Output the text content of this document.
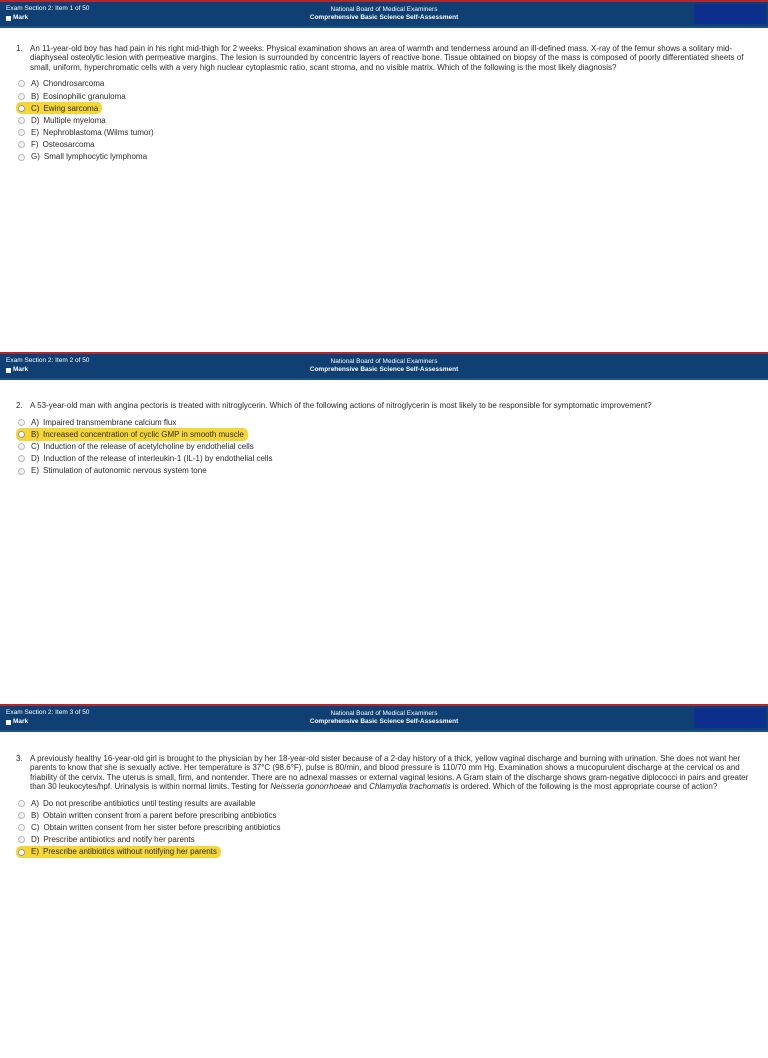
Exam Section 2: Item 1 of 50
Mark
National Board of Medical Examiners
Comprehensive Basic Science Self-Assessment
1. An 11-year-old boy has had pain in his right mid-thigh for 2 weeks. Physical examination shows an area of warmth and tenderness around an ill-defined mass. X-ray of the femur shows a solitary mid-diaphyseal osteolytic lesion with permeative margins. The lesion is surrounded by concentric layers of reactive bone. Tissue obtained on biopsy of the mass is composed of poorly differentiated sheets of small, uniform, hyperchromatic cells with a very high nuclear cytoplasmic ratio, scant stroma, and no visible matrix. Which of the following is the most likely diagnosis?
A) Chondrosarcoma
B) Eosinophilic granuloma
C) Ewing sarcoma
D) Multiple myeloma
E) Nephroblastoma (Wilms tumor)
F) Osteosarcoma
G) Small lymphocytic lymphoma
Exam Section 2: Item 2 of 50
Mark
National Board of Medical Examiners
Comprehensive Basic Science Self-Assessment
2. A 53-year-old man with angina pectoris is treated with nitroglycerin. Which of the following actions of nitroglycerin is most likely to be responsible for symptomatic improvement?
A) Impaired transmembrane calcium flux
B) Increased concentration of cyclic GMP in smooth muscle
C) Induction of the release of acetylcholine by endothelial cells
D) Induction of the release of interleukin-1 (IL-1) by endothelial cells
E) Stimulation of autonomic nervous system tone
Exam Section 2: Item 3 of 50
Mark
National Board of Medical Examiners
Comprehensive Basic Science Self-Assessment
3. A previously healthy 16-year-old girl is brought to the physician by her 18-year-old sister because of a 2-day history of a thick, yellow vaginal discharge and burning with urination. She does not want her parents to know that she is sexually active. Her temperature is 37°C (98.6°F), pulse is 80/min, and blood pressure is 110/70 mm Hg. Examination shows a mucopurulent discharge at the cervical os and friability of the cervix. The uterus is small, firm, and nontender. There are no adnexal masses or external vaginal lesions. A Gram stain of the discharge shows gram-negative diplococci in pairs and greater than 30 leukocytes/hpf. Urinalysis is within normal limits. Testing for Neisseria gonorrhoeae and Chlamydia trachomatis is ordered. Which of the following is the most appropriate course of action?
A) Do not prescribe antibiotics until testing results are available
B) Obtain written consent from a parent before prescribing antibiotics
C) Obtain written consent from her sister before prescribing antibiotics
D) Prescribe antibiotics and notify her parents
E) Prescribe antibiotics without notifying her parents
